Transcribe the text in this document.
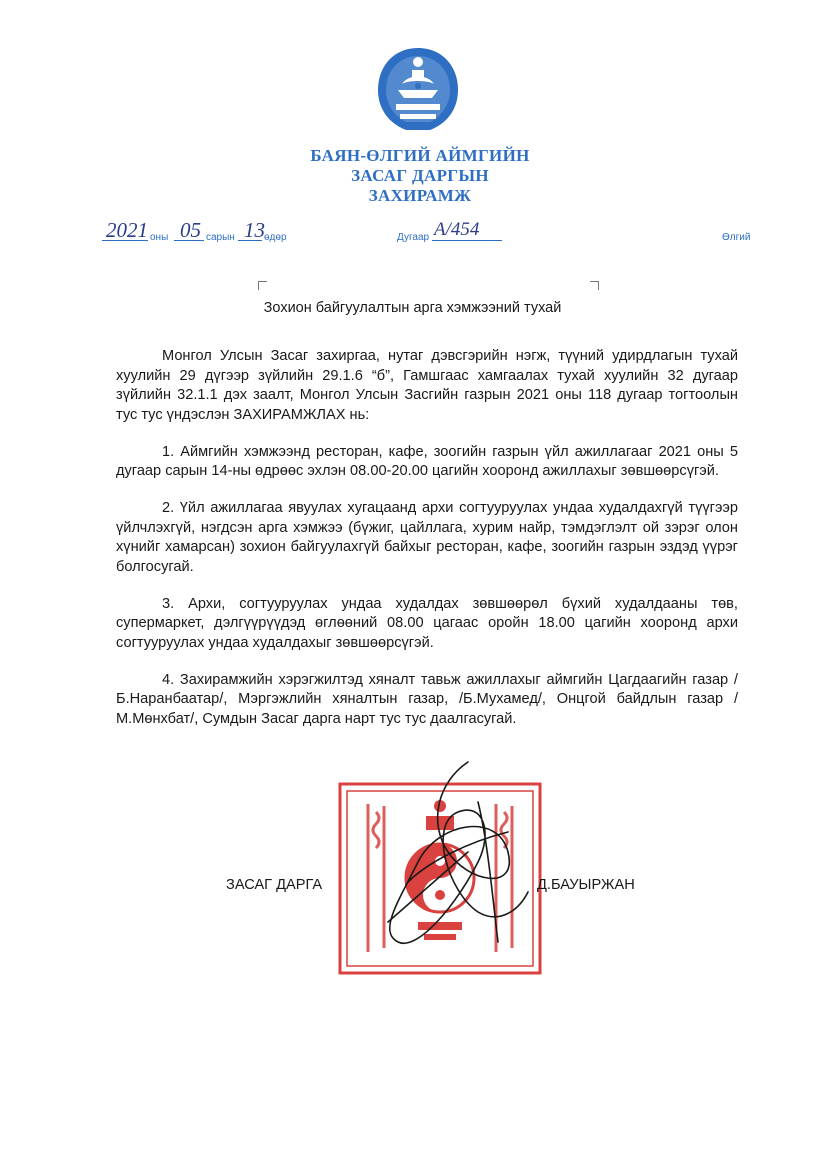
БАЯН-ӨЛГИЙ АЙМГИЙН
ЗАСАГ ДАРГЫН
ЗАХИРАМЖ
2021 оны 05 сарын 13 өдөр	Дугаар А/454	Өлгий
Зохион байгуулалтын арга хэмжээний тухай

Монгол Улсын Засаг захиргаа, нутаг дэвсгэрийн нэгж, түүний удирдлагын тухай хуулийн 29 дүгээр зүйлийн 29.1.6 “б”, Гамшгаас хамгаалах тухай хуулийн 32 дугаар зүйлийн 32.1.1 дэх заалт, Монгол Улсын Засгийн газрын 2021 оны 118 дугаар тогтоолын тус тус үндэслэн ЗАХИРАМЖЛАХ нь:

1. Аймгийн хэмжээнд ресторан, кафе, зоогийн газрын үйл ажиллагааг 2021 оны 5 дугаар сарын 14-ны өдрөөс эхлэн 08.00-20.00 цагийн хооронд ажиллахыг зөвшөөрсүгэй.

2. Үйл ажиллагаа явуулах хугацаанд архи согтууруулах ундаа худалдахгүй түүгээр үйлчлэхгүй, нэгдсэн арга хэмжээ (бүжиг, цайллага, хурим найр, тэмдэглэлт ой зэрэг олон хүнийг хамарсан) зохион байгуулахгүй байхыг ресторан, кафе, зоогийн газрын эздэд үүрэг болгосугай.

3. Архи, согтууруулах ундаа худалдах зөвшөөрөл бүхий худалдааны төв, супермаркет, дэлгүүрүүдэд өглөөний 08.00 цагаас оройн 18.00 цагийн хооронд архи согтууруулах ундаа худалдахыг зөвшөөрсүгэй.

4. Захирамжийн хэрэгжилтэд хяналт тавьж ажиллахыг аймгийн Цагдаагийн газар /Б.Наранбаатар/, Мэргэжлийн хяналтын газар, /Б.Мухамед/, Онцгой байдлын газар /М.Мөнхбат/, Сумдын Засаг дарга нарт тус тус даалгасугай.

ЗАСАГ ДАРГА	Д.БАУЫРЖАН
